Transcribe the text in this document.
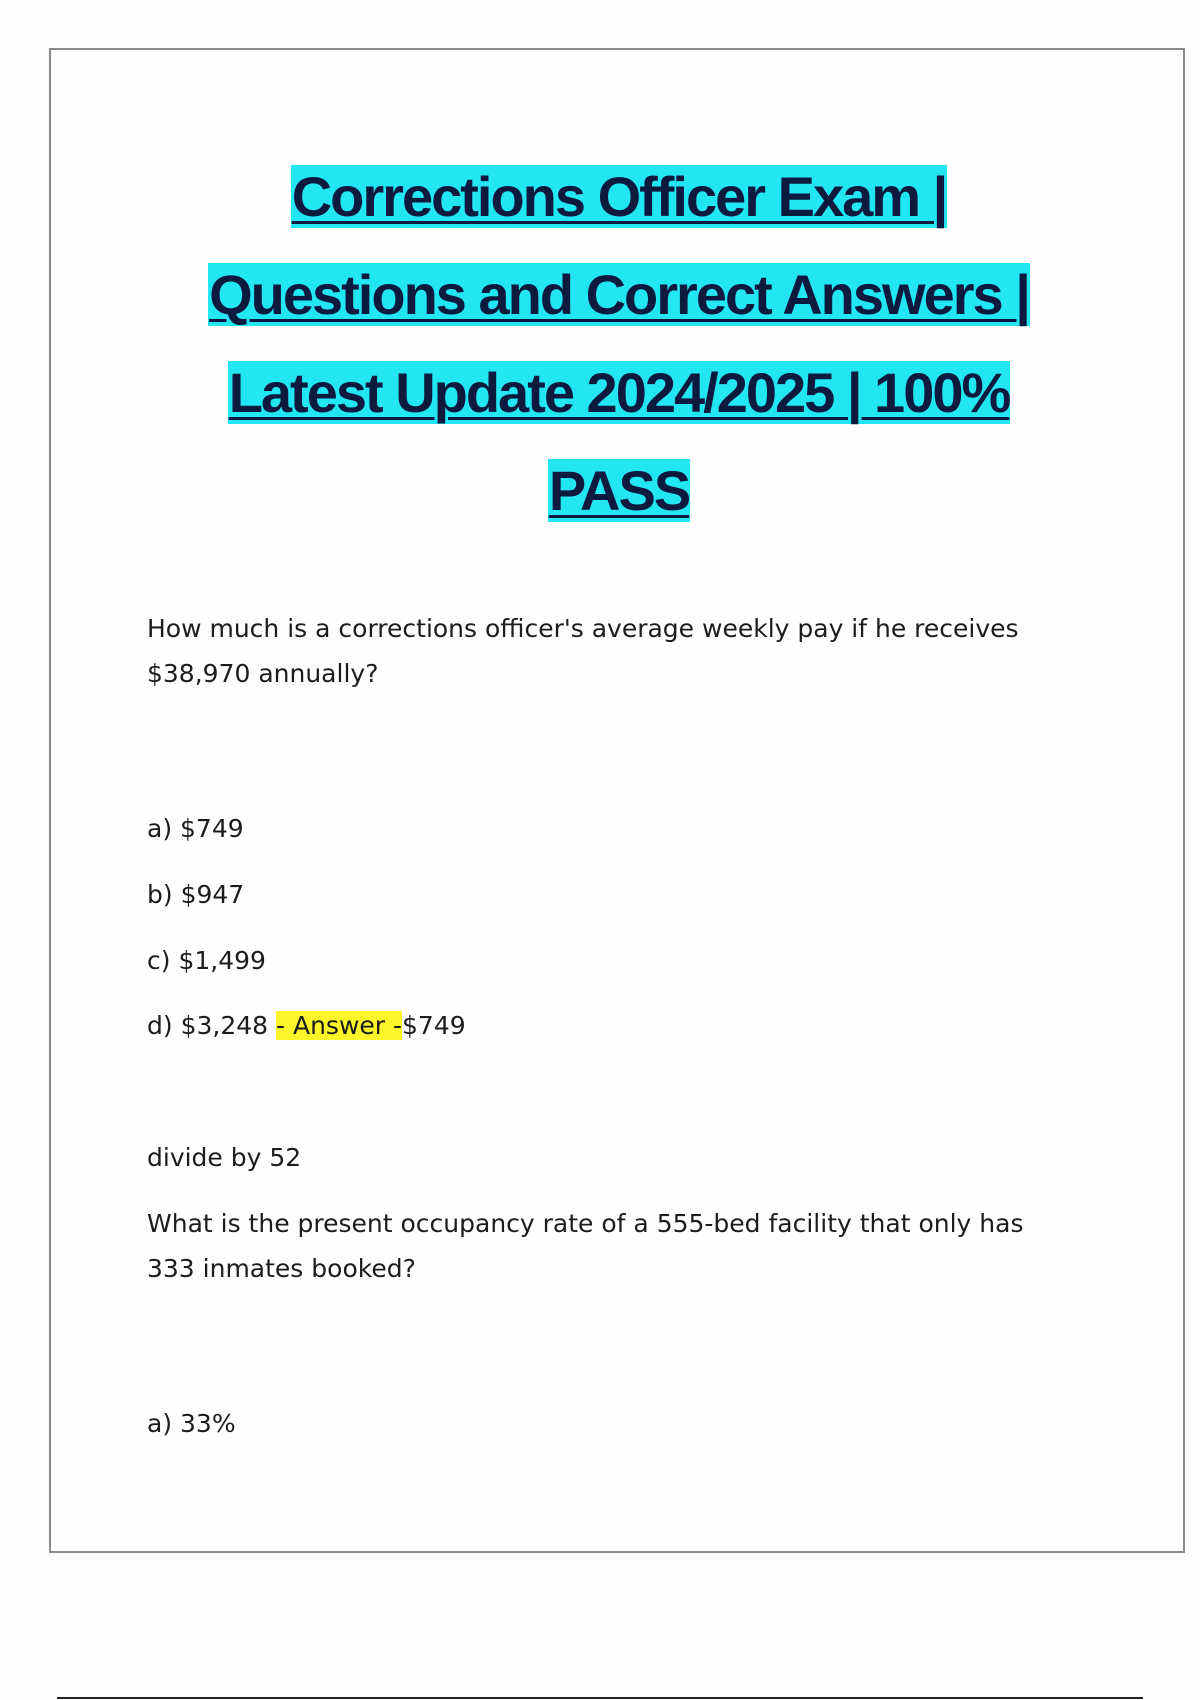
Corrections Officer Exam |
Questions and Correct Answers |
Latest Update 2024/2025 | 100%
PASS

How much is a corrections officer's average weekly pay if he receives
$38,970 annually?

a) $749

b) $947

c) $1,499

d) $3,248 - Answer -$749

divide by 52

What is the present occupancy rate of a 555-bed facility that only has
333 inmates booked?

a) 33%
